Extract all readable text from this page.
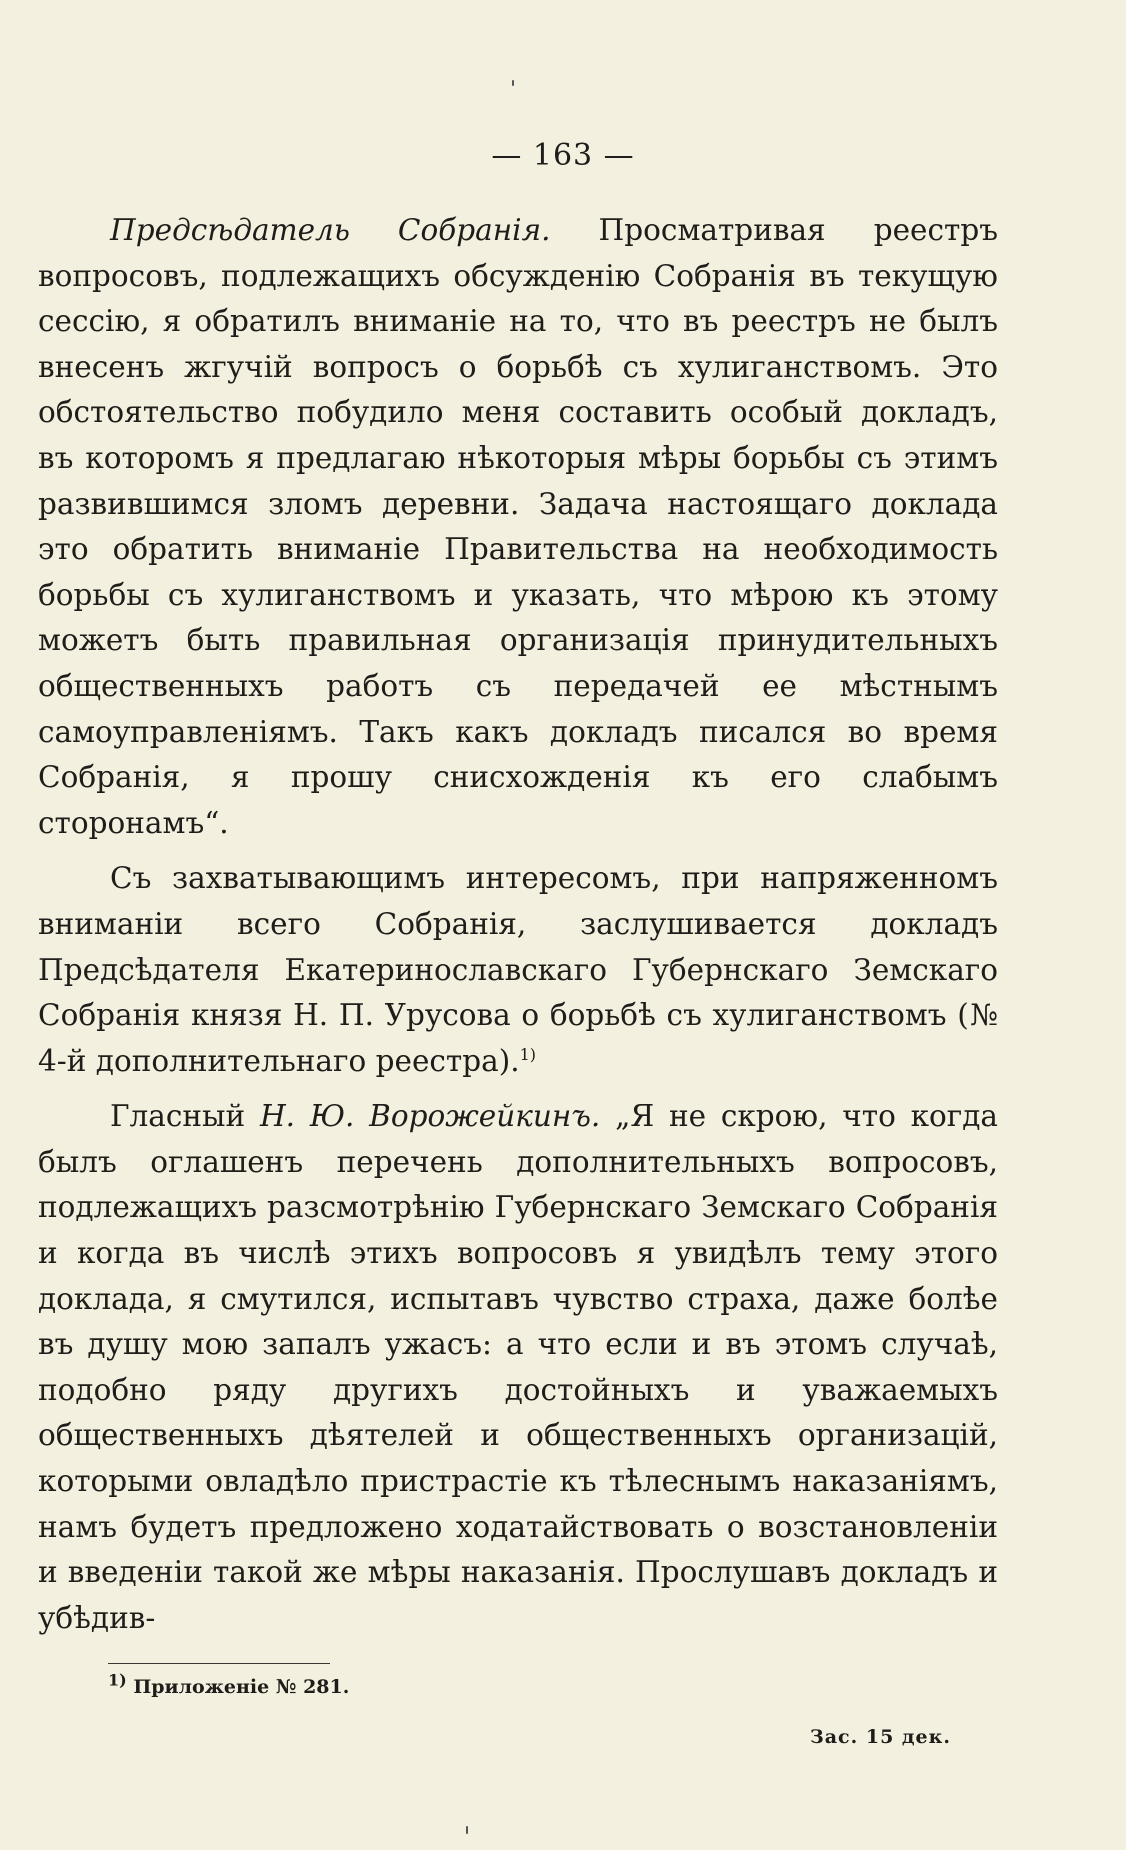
— 163 —

Предсѣдатель Собранія. Просматривая реестръ вопросовъ, подлежащихъ обсужденію Собранія въ текущую сессію, я обратилъ вниманіе на то, что въ реестръ не былъ внесенъ жгучій вопросъ о борьбѣ съ хулиганствомъ. Это обстоятельство побудило меня составить особый докладъ, въ которомъ я предлагаю нѣкоторыя мѣры борьбы съ этимъ развившимся зломъ деревни. Задача настоящаго доклада это обратить вниманіе Правительства на необходимость борьбы съ хулиганствомъ и указать, что мѣрою къ этому можетъ быть правильная организація принудительныхъ общественныхъ работъ съ передачей ее мѣстнымъ самоуправленіямъ. Такъ какъ докладъ писался во время Собранія, я прошу снисхожденія къ его слабымъ сторонамъ“.

Съ захватывающимъ интересомъ, при напряженномъ вниманіи всего Собранія, заслушивается докладъ Предсѣдателя Екатеринославскаго Губернскаго Земскаго Собранія князя Н. П. Урусова о борьбѣ съ хулиганствомъ (№ 4-й дополнительнаго реестра).$^{1)}$

Гласный Н. Ю. Ворожейкинъ. „Я не скрою, что когда былъ оглашенъ перечень дополнительныхъ вопросовъ, подлежащихъ разсмотрѣнію Губернскаго Земскаго Собранія и когда въ числѣ этихъ вопросовъ я увидѣлъ тему этого доклада, я смутился, испытавъ чувство страха, даже болѣе въ душу мою запалъ ужасъ: а что если и въ этомъ случаѣ, подобно ряду другихъ достойныхъ и уважаемыхъ общественныхъ дѣятелей и общественныхъ организацій, которыми овладѣло пристрастіе къ тѣлеснымъ наказаніямъ, намъ будетъ предложено ходатайствовать о возстановленіи и введеніи такой же мѣры наказанія. Прослушавъ докладъ и убѣдив-

$^{1)}$ Приложеніе № 281.
Зас. 15 дек.
